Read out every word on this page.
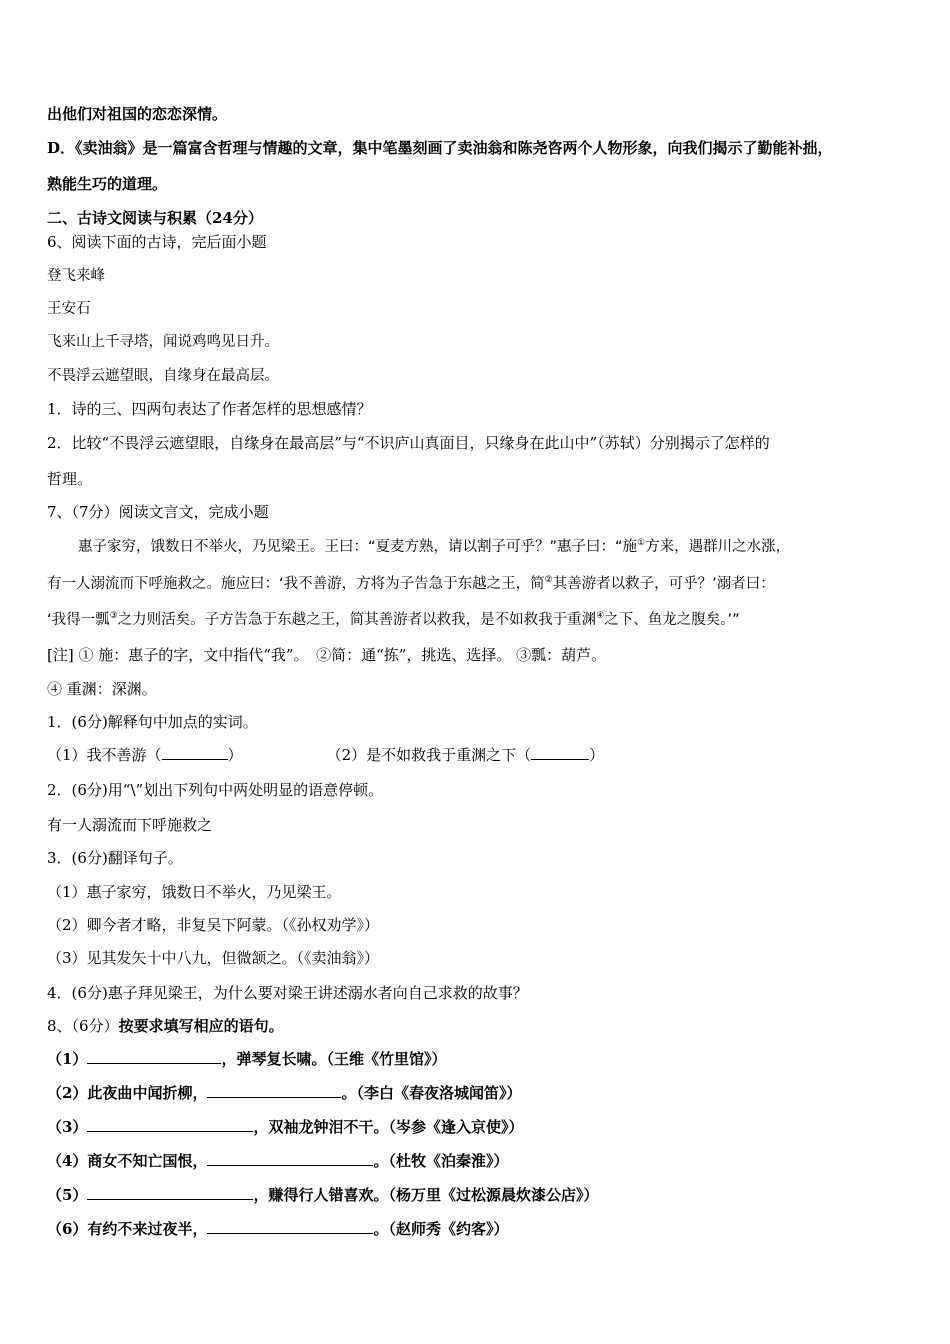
出他们对祖国的恋恋深情。
D．《卖油翁》是一篇富含哲理与情趣的文章，集中笔墨刻画了卖油翁和陈尧咨两个人物形象，向我们揭示了勤能补拙，
熟能生巧的道理。
二、古诗文阅读与积累（24分）
6、阅读下面的古诗，完后面小题
登飞来峰
王安石
飞来山上千寻塔，闻说鸡鸣见日升。
不畏浮云遮望眼，自缘身在最高层。
1．诗的三、四两句表达了作者怎样的思想感情？
2．比较“不畏浮云遮望眼，自缘身在最高层”与“不识庐山真面目，只缘身在此山中”（苏轼）分别揭示了怎样的
哲理。
7、（7分）阅读文言文，完成小题
惠子家穷，饿数日不举火，乃见梁王。王曰：“夏麦方熟，请以割子可乎？”惠子曰：“施①方来，遇群川之水涨，
有一人溺流而下呼施救之。施应曰：‘我不善游，方将为子告急于东越之王，简②其善游者以救子，可乎？’溺者曰：
‘我得一瓢③之力则活矣。子方告急于东越之王，简其善游者以救我，是不如救我于重渊④之下、鱼龙之腹矣。’”
[注] ① 施：惠子的字，文中指代“我”。　②简：通“拣”，挑选、选择。 ③瓢：葫芦。
④ 重渊：深渊。
1．(6分)解释句中加点的实词。
（1）我不善游（	）	（2）是不如救我于重渊之下（	）
2．(6分)用“\”划出下列句中两处明显的语意停顿。
有一人溺流而下呼施救之
3．(6分)翻译句子。
（1）惠子家穷，饿数日不举火，乃见梁王。
（2）卿今者才略，非复吴下阿蒙。（《孙权劝学》）
（3）见其发矢十中八九，但微颔之。（《卖油翁》）
4．(6分)惠子拜见梁王，为什么要对梁王讲述溺水者向自己求救的故事？
8、（6分）按要求填写相应的语句。
（1）	，弹琴复长啸。（王维《竹里馆》）
（2）此夜曲中闻折柳，	。（李白《春夜洛城闻笛》）
（3）	，双袖龙钟泪不干。（岑参《逢入京使》）
（4）商女不知亡国恨，	。（杜牧《泊秦淮》）
（5）	，赚得行人错喜欢。（杨万里《过松源晨炊漆公店》）
（6）有约不来过夜半，	。（赵师秀《约客》）
